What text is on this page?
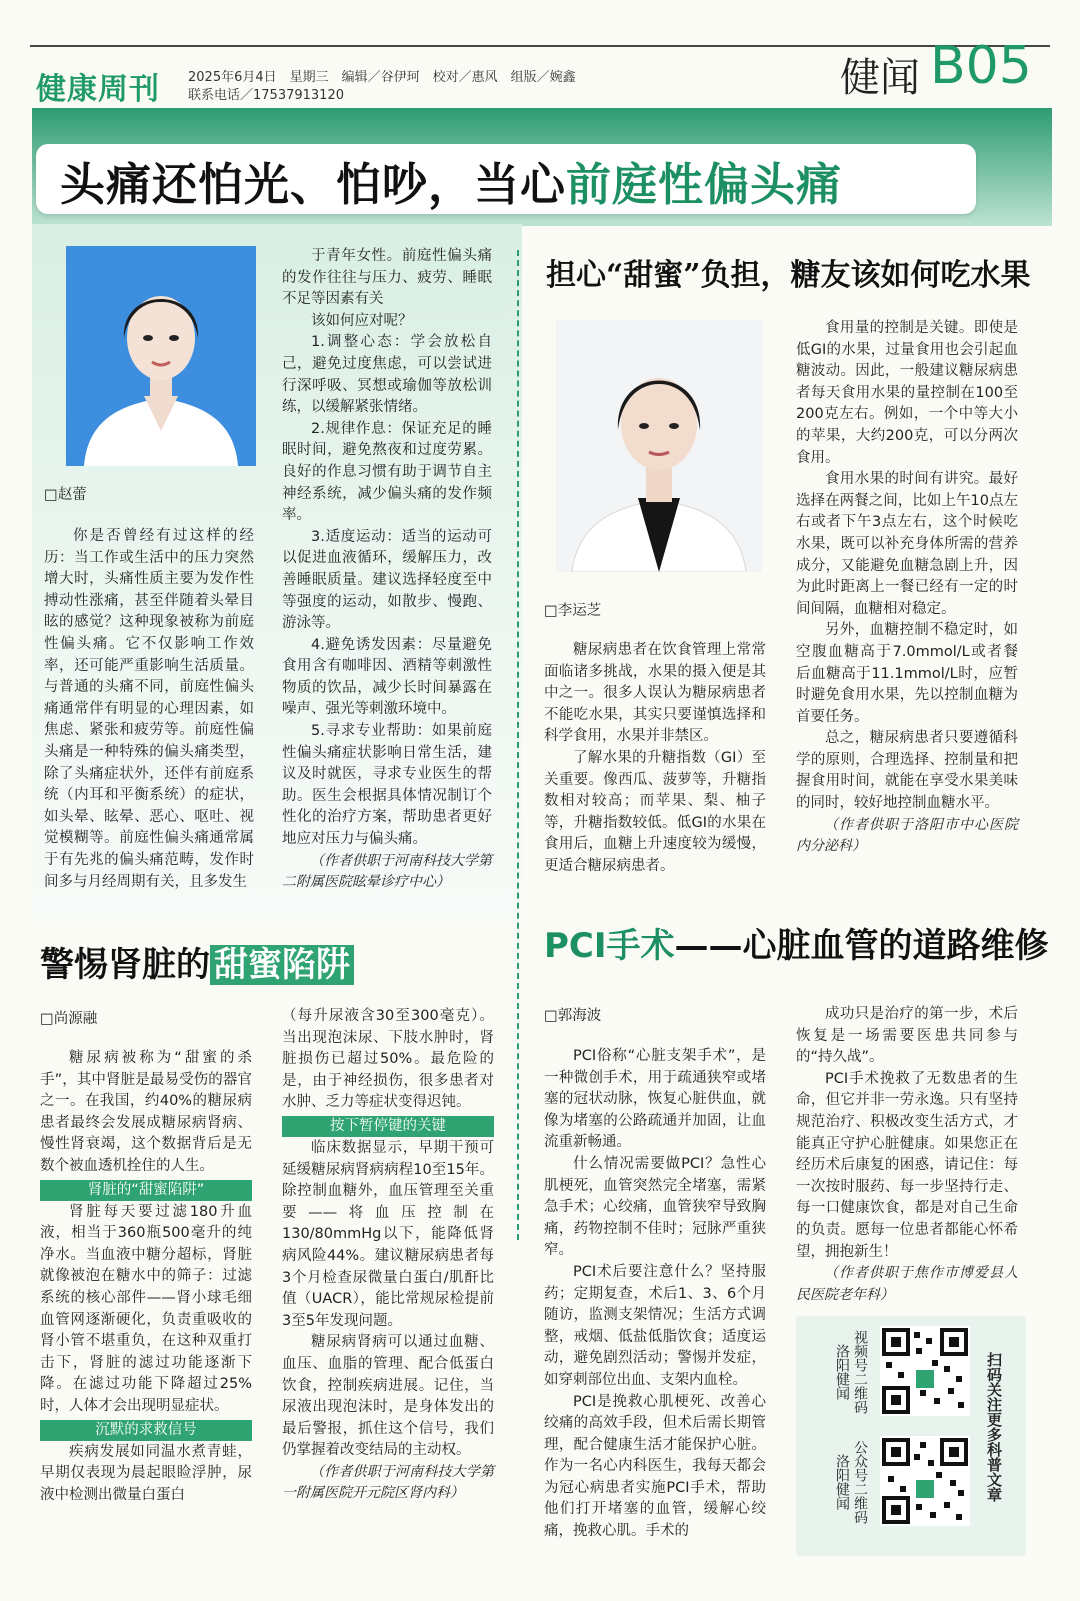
健康周刊 2025年6月4日　星期三　编辑／谷伊珂　校对／惠风　组版／婉鑫
联系电话／17537913120	健闻 B05
头痛还怕光、怕吵，当心前庭性偏头痛
□ 赵蕾

你是否曾经有过这样的经历：当工作或生活中的压力突然增大时，头痛性质主要为发作性搏动性涨痛，甚至伴随着头晕目眩的感觉？这种现象被称为前庭性偏头痛。它不仅影响工作效率，还可能严重影响生活质量。与普通的头痛不同，前庭性偏头痛通常伴有明显的心理因素，如焦虑、紧张和疲劳等。前庭性偏头痛是一种特殊的偏头痛类型，除了头痛症状外，还伴有前庭系统（内耳和平衡系统）的症状，如头晕、眩晕、恶心、呕吐、视觉模糊等。前庭性偏头痛通常属于有先兆的偏头痛范畴，发作时间多与月经周期有关，且多发生

于青年女性。前庭性偏头痛的发作往往与压力、疲劳、睡眠不足等因素有关

该如何应对呢？

1.调整心态：学会放松自己，避免过度焦虑，可以尝试进行深呼吸、冥想或瑜伽等放松训练，以缓解紧张情绪。

2.规律作息：保证充足的睡眠时间，避免熬夜和过度劳累。良好的作息习惯有助于调节自主神经系统，减少偏头痛的发作频率。

3.适度运动：适当的运动可以促进血液循环，缓解压力，改善睡眠质量。建议选择轻度至中等强度的运动，如散步、慢跑、游泳等。

4.避免诱发因素：尽量避免食用含有咖啡因、酒精等刺激性物质的饮品，减少长时间暴露在噪声、强光等刺激环境中。

5.寻求专业帮助：如果前庭性偏头痛症状影响日常生活，建议及时就医，寻求专业医生的帮助。医生会根据具体情况制订个性化的治疗方案，帮助患者更好地应对压力与偏头痛。

（作者供职于河南科技大学第二附属医院眩晕诊疗中心）

担心“甜蜜”负担，糖友该如何吃水果
□ 李运芝

糖尿病患者在饮食管理上常常面临诸多挑战，水果的摄入便是其中之一。很多人误认为糖尿病患者不能吃水果，其实只要谨慎选择和科学食用，水果并非禁区。

了解水果的升糖指数（GI）至关重要。像西瓜、菠萝等，升糖指数相对较高；而苹果、梨、柚子等，升糖指数较低。低GI的水果在食用后，血糖上升速度较为缓慢，更适合糖尿病患者。

食用量的控制是关键。即使是低GI的水果，过量食用也会引起血糖波动。因此，一般建议糖尿病患者每天食用水果的量控制在100至200克左右。例如，一个中等大小的苹果，大约200克，可以分两次食用。

食用水果的时间有讲究。最好选择在两餐之间，比如上午10点左右或者下午3点左右，这个时候吃水果，既可以补充身体所需的营养成分，又能避免血糖急剧上升，因为此时距离上一餐已经有一定的时间间隔，血糖相对稳定。

另外，血糖控制不稳定时，如空腹血糖高于7.0mmol/L或者餐后血糖高于11.1mmol/L时，应暂时避免食用水果，先以控制血糖为首要任务。

总之，糖尿病患者只要遵循科学的原则，合理选择、控制量和把握食用时间，就能在享受水果美味的同时，较好地控制血糖水平。

（作者供职于洛阳市中心医院内分泌科）

警惕肾脏的 甜蜜陷阱
□ 尚源融

糖尿病被称为“甜蜜的杀手”，其中肾脏是最易受伤的器官之一。在我国，约40%的糖尿病患者最终会发展成糖尿病肾病、慢性肾衰竭，这个数据背后是无数个被血透机拴住的人生。

肾脏的“甜蜜陷阱”

肾脏每天要过滤180升血液，相当于360瓶500毫升的纯净水。当血液中糖分超标，肾脏就像被泡在糖水中的筛子：过滤系统的核心部件——肾小球毛细血管网逐渐硬化，负责重吸收的肾小管不堪重负，在这种双重打击下，肾脏的滤过功能逐渐下降。在滤过功能下降超过25%时，人体才会出现明显症状。

沉默的求救信号

疾病发展如同温水煮青蛙，早期仅表现为晨起眼睑浮肿，尿液中检测出微量白蛋白

（每升尿液含30至300毫克）。当出现泡沫尿、下肢水肿时，肾脏损伤已超过50%。最危险的是，由于神经损伤，很多患者对水肿、乏力等症状变得迟钝。

按下暂停键的关键

临床数据显示，早期干预可延缓糖尿病肾病病程10至15年。除控制血糖外，血压管理至关重要——将血压控制在130/80mmHg以下，能降低肾病风险44%。建议糖尿病患者每3个月检查尿微量白蛋白/肌酐比值（UACR），能比常规尿检提前3至5年发现问题。

糖尿病肾病可以通过血糖、血压、血脂的管理、配合低蛋白饮食，控制疾病进展。记住，当尿液出现泡沫时，是身体发出的最后警报，抓住这个信号，我们仍掌握着改变结局的主动权。

（作者供职于河南科技大学第一附属医院开元院区肾内科）

PCI手术——心脏血管的道路维修
□ 郭海波

PCI俗称“心脏支架手术”，是一种微创手术，用于疏通狭窄或堵塞的冠状动脉，恢复心脏供血，就像为堵塞的公路疏通并加固，让血流重新畅通。

什么情况需要做PCI？急性心肌梗死，血管突然完全堵塞，需紧急手术；心绞痛，血管狭窄导致胸痛，药物控制不佳时；冠脉严重狭窄。

PCI术后要注意什么？坚持服药；定期复查，术后1、3、6个月随访，监测支架情况；生活方式调整，戒烟、低盐低脂饮食；适度运动，避免剧烈活动；警惕并发症，如穿刺部位出血、支架内血栓。

PCI是挽救心肌梗死、改善心绞痛的高效手段，但术后需长期管理，配合健康生活才能保护心脏。作为一名心内科医生，我每天都会为冠心病患者实施PCI手术，帮助他们打开堵塞的血管，缓解心绞痛，挽救心肌。手术的

成功只是治疗的第一步，术后恢复是一场需要医患共同参与的“持久战”。

PCI手术挽救了无数患者的生命，但它并非一劳永逸。只有坚持规范治疗、积极改变生活方式，才能真正守护心脏健康。如果您正在经历术后康复的困惑，请记住：每一次按时服药、每一步坚持行走、每一口健康饮食，都是对自己生命的负责。愿每一位患者都能心怀希望，拥抱新生！

（作者供职于焦作市博爱县人民医院老年科）

扫码关注更多科普文章
视频号二维码
洛阳健闻
公众号二维码
洛阳健闻
